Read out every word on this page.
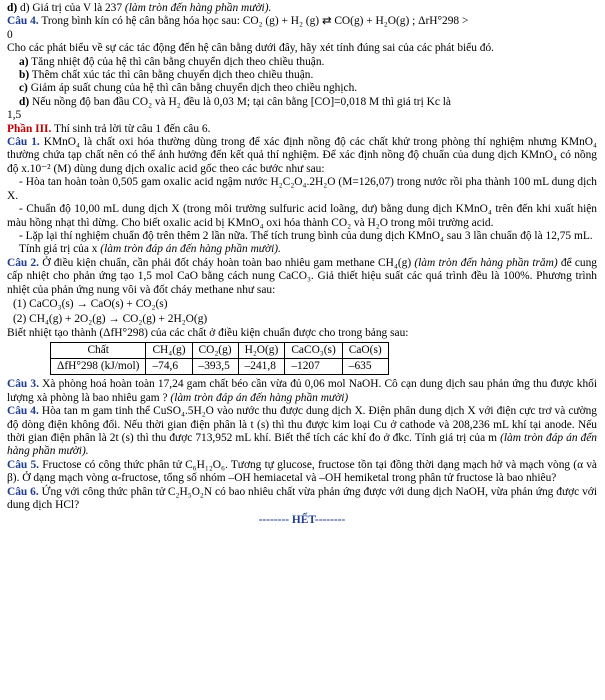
d) d) Giá trị của V là 237 (làm tròn đến hàng phần mười).

Câu 4. Trong bình kín có hệ cân bằng hóa học sau: CO₂ (g) + H₂ (g) ⇄ CO(g) + H₂O(g) ; ΔrH°298 >

0

Cho các phát biểu về sự các tác động đến hệ cân bằng dưới đây, hãy xét tính đúng sai của các phát biểu đó.

a) Tăng nhiệt độ của hệ thì cân bằng chuyển dịch theo chiều thuận.

b) Thêm chất xúc tác thì cân bằng chuyển dịch theo chiều thuận.

c) Giảm áp suất chung của hệ thì cân bằng chuyển dịch theo chiều nghịch.

d) Nếu nồng độ ban đầu CO₂ và H₂ đều là 0,03 M; tại cân bằng [CO]=0,018 M thì giá trị Kc là

1,5

Phần III. Thí sinh trả lời từ câu 1 đến câu 6.

Câu 1. KMnO₄ là chất oxi hóa thường dùng trong để xác định nồng độ các chất khử trong phòng thí nghiệm nhưng KMnO₄ thường chứa tạp chất nên có thể ảnh hưởng đến kết quả thí nghiệm. Để xác định nồng độ chuẩn của dung dịch KMnO₄ có nồng độ x.10⁻² (M) dùng dung dịch oxalic acid gốc theo các bước như sau:

- Hòa tan hoàn toàn 0,505 gam oxalic acid ngậm nước H₂C₂O₄.2H₂O (M=126,07) trong nước rồi pha thành 100 mL dung dịch X.

- Chuẩn độ 10,00 mL dung dịch X (trong môi trường sulfuric acid loãng, dư) bằng dung dịch KMnO₄ trên đến khi xuất hiện màu hồng nhạt thì dừng. Cho biết oxalic acid bị KMnO₄ oxi hóa thành CO₂ và H₂O trong môi trường acid.

- Lặp lại thí nghiệm chuẩn độ trên thêm 2 lần nữa. Thể tích trung bình của dung dịch KMnO₄ sau 3 lần chuẩn độ là 12,75 mL.

Tính giá trị của x (làm tròn đáp án đến hàng phần mười).

Câu 2. Ở điều kiện chuẩn, cần phải đốt cháy hoàn toàn bao nhiêu gam methane CH₄(g) (làm tròn đến hàng phần trăm) để cung cấp nhiệt cho phản ứng tạo 1,5 mol CaO bằng cách nung CaCO₃. Giả thiết hiệu suất các quá trình đều là 100%. Phương trình nhiệt của phản ứng nung vôi và đốt cháy methane như sau:

(1) CaCO₃(s) → CaO(s) + CO₂(s)

(2) CH₄(g) + 2O₂(g) → CO₂(g) + 2H₂O(g)

Biết nhiệt tạo thành (ΔfH°298) của các chất ở điều kiện chuẩn được cho trong bảng sau:

Chất	CH₄(g)	CO₂(g)	H₂O(g)	CaCO₃(s)	CaO(s)
ΔfH°298 (kJ/mol)	–74,6	–393,5	–241,8	–1207	–635

Câu 3. Xà phòng hoá hoàn toàn 17,24 gam chất béo cần vừa đủ 0,06 mol NaOH. Cô cạn dung dịch sau phản ứng thu được khối lượng xà phòng là bao nhiêu gam ? (làm tròn đáp án đến hàng phần mười)

Câu 4. Hòa tan m gam tinh thể CuSO₄.5H₂O vào nước thu được dung dịch X. Điện phân dung dịch X với điện cực trơ và cường độ dòng điện không đổi. Nếu thời gian điện phân là t (s) thì thu được kim loại Cu ở cathode và 208,236 mL khí tại anode. Nếu thời gian điện phân là 2t (s) thì thu được 713,952 mL khí. Biết thể tích các khí đo ở đkc. Tính giá trị của m (làm tròn đáp án đến hàng phần mười).

Câu 5. Fructose có công thức phân tử C₆H₁₂O₆. Tương tự glucose, fructose tồn tại đồng thời dạng mạch hở và mạch vòng (α và β). Ở dạng mạch vòng α-fructose, tổng số nhóm –OH hemiacetal và –OH hemiketal trong phân tử fructose là bao nhiêu?

Câu 6. Ứng với công thức phân tử C₂H₅O₂N có bao nhiêu chất vừa phản ứng được với dung dịch NaOH, vừa phản ứng được với dung dịch HCl?

-------- HẾT--------
